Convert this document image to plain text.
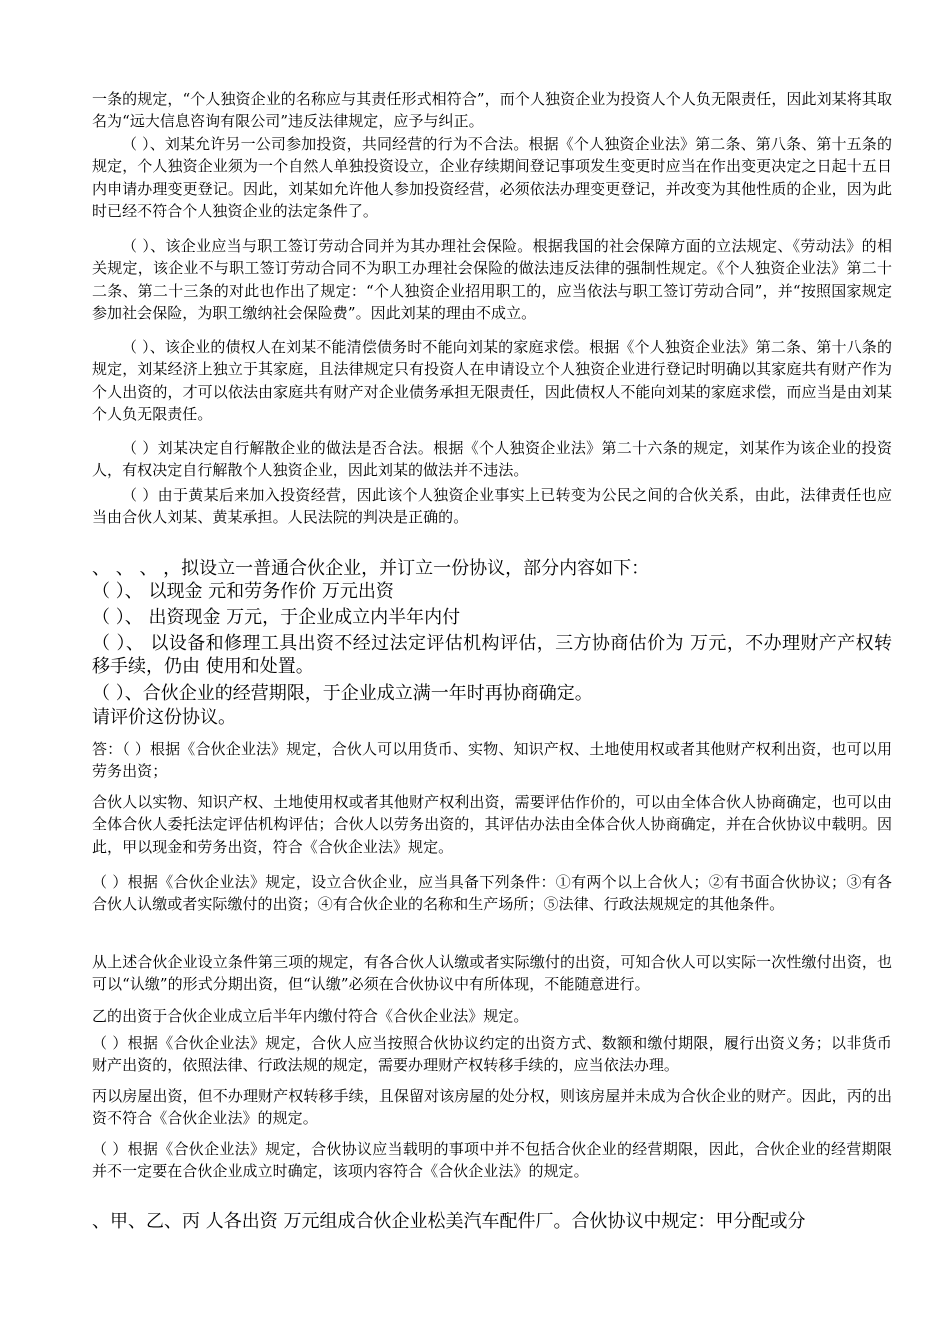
一条的规定，“个人独资企业的名称应与其责任形式相符合”，而个人独资企业为投资人个人负无限责任，因此刘某将其取名为“远大信息咨询有限公司”违反法律规定，应予与纠正。

（ ）、刘某允许另一公司参加投资，共同经营的行为不合法。根据《个人独资企业法》第二条、第八条、第十五条的规定，个人独资企业须为一个自然人单独投资设立，企业存续期间登记事项发生变更时应当在作出变更决定之日起十五日内申请办理变更登记。因此，刘某如允许他人参加投资经营，必须依法办理变更登记，并改变为其他性质的企业，因为此时已经不符合个人独资企业的法定条件了。

（ ）、该企业应当与职工签订劳动合同并为其办理社会保险。根据我国的社会保障方面的立法规定、《劳动法》的相关规定，该企业不与职工签订劳动合同不为职工办理社会保险的做法违反法律的强制性规定。《个人独资企业法》第二十二条、第二十三条的对此也作出了规定：“个人独资企业招用职工的，应当依法与职工签订劳动合同”，并“按照国家规定参加社会保险，为职工缴纳社会保险费”。因此刘某的理由不成立。

（ ）、该企业的债权人在刘某不能清偿债务时不能向刘某的家庭求偿。根据《个人独资企业法》第二条、第十八条的规定，刘某经济上独立于其家庭，且法律规定只有投资人在申请设立个人独资企业进行登记时明确以其家庭共有财产作为个人出资的，才可以依法由家庭共有财产对企业债务承担无限责任，因此债权人不能向刘某的家庭求偿，而应当是由刘某个人负无限责任。

（ ）刘某决定自行解散企业的做法是否合法。根据《个人独资企业法》第二十六条的规定，刘某作为该企业的投资人，有权决定自行解散个人独资企业，因此刘某的做法并不违法。

（ ）由于黄某后来加入投资经营，因此该个人独资企业事实上已转变为公民之间的合伙关系，由此，法律责任也应当由合伙人刘某、黄某承担。人民法院的判决是正确的。

、 、 、 ，拟设立一普通合伙企业，并订立一份协议，部分内容如下：

（ ）、 以现金 元和劳务作价 万元出资

（ ）、 出资现金 万元，于企业成立内半年内付

（ ）、 以设备和修理工具出资不经过法定评估机构评估，三方协商估价为 万元，不办理财产产权转移手续，仍由 使用和处置。

（ ）、合伙企业的经营期限，于企业成立满一年时再协商确定。

请评价这份协议。

答：（ ）根据《合伙企业法》规定，合伙人可以用货币、实物、知识产权、土地使用权或者其他财产权利出资，也可以用劳务出资；

合伙人以实物、知识产权、土地使用权或者其他财产权利出资，需要评估作价的，可以由全体合伙人协商确定，也可以由全体合伙人委托法定评估机构评估；合伙人以劳务出资的，其评估办法由全体合伙人协商确定，并在合伙协议中载明。因此，甲以现金和劳务出资，符合《合伙企业法》规定。

（ ）根据《合伙企业法》规定，设立合伙企业，应当具备下列条件：①有两个以上合伙人；②有书面合伙协议；③有各合伙人认缴或者实际缴付的出资；④有合伙企业的名称和生产场所；⑤法律、行政法规规定的其他条件。

从上述合伙企业设立条件第三项的规定，有各合伙人认缴或者实际缴付的出资，可知合伙人可以实际一次性缴付出资，也可以“认缴”的形式分期出资，但“认缴”必须在合伙协议中有所体现，不能随意进行。

乙的出资于合伙企业成立后半年内缴付符合《合伙企业法》规定。

（ ）根据《合伙企业法》规定，合伙人应当按照合伙协议约定的出资方式、数额和缴付期限，履行出资义务；以非货币财产出资的，依照法律、行政法规的规定，需要办理财产权转移手续的，应当依法办理。

丙以房屋出资，但不办理财产权转移手续，且保留对该房屋的处分权，则该房屋并未成为合伙企业的财产。因此，丙的出资不符合《合伙企业法》的规定。

（ ）根据《合伙企业法》规定，合伙协议应当载明的事项中并不包括合伙企业的经营期限，因此，合伙企业的经营期限并不一定要在合伙企业成立时确定，该项内容符合《合伙企业法》的规定。

、甲、乙、丙 人各出资 万元组成合伙企业松美汽车配件厂。合伙协议中规定：甲分配或分
